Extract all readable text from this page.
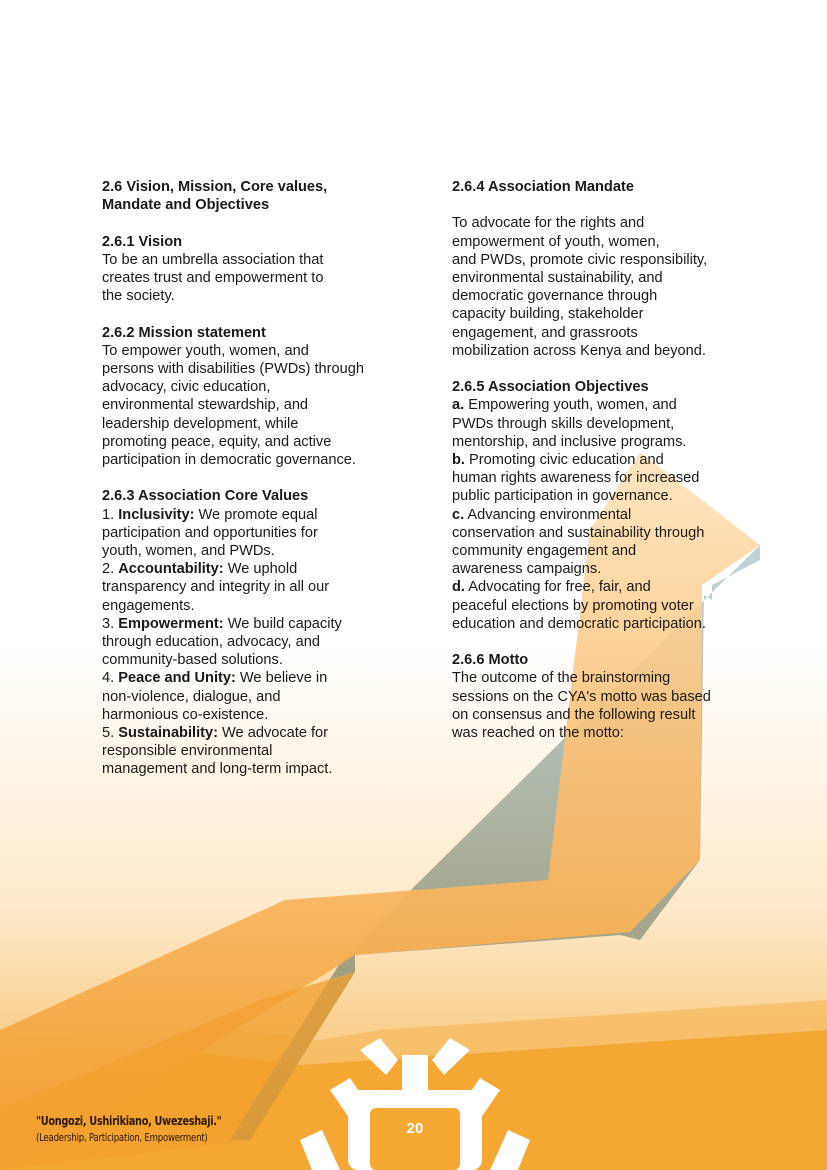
2.6 Vision, Mission, Core values,
Mandate and Objectives
2.6.1 Vision

To be an umbrella association that
creates trust and empowerment to
the society.

2.6.2 Mission statement

To empower youth, women, and
persons with disabilities (PWDs) through
advocacy, civic education,
environmental stewardship, and
leadership development, while
promoting peace, equity, and active
participation in democratic governance.

2.6.3 Association Core Values

1. Inclusivity: We promote equal
participation and opportunities for
youth, women, and PWDs.

2. Accountability: We uphold
transparency and integrity in all our
engagements.

3. Empowerment: We build capacity
through education, advocacy, and
community-based solutions.

4. Peace and Unity: We believe in
non-violence, dialogue, and
harmonious co-existence.

5. Sustainability: We advocate for
responsible environmental
management and long-term impact.

2.6.4 Association Mandate

To advocate for the rights and
empowerment of youth, women,
and PWDs, promote civic responsibility,
environmental sustainability, and
democratic governance through
capacity building, stakeholder
engagement, and grassroots
mobilization across Kenya and beyond.

2.6.5 Association Objectives

a. Empowering youth, women, and
PWDs through skills development,
mentorship, and inclusive programs.

b. Promoting civic education and
human rights awareness for increased
public participation in governance.

c. Advancing environmental
conservation and sustainability through
community engagement and
awareness campaigns.

d. Advocating for free, fair, and
peaceful elections by promoting voter
education and democratic participation.

2.6.6 Motto

The outcome of the brainstorming
sessions on the CYA's motto was based
on consensus and the following result
was reached on the motto:

"Uongozi, Ushirikiano, Uwezeshaji."
(Leadership, Participation, Empowerment)
20
